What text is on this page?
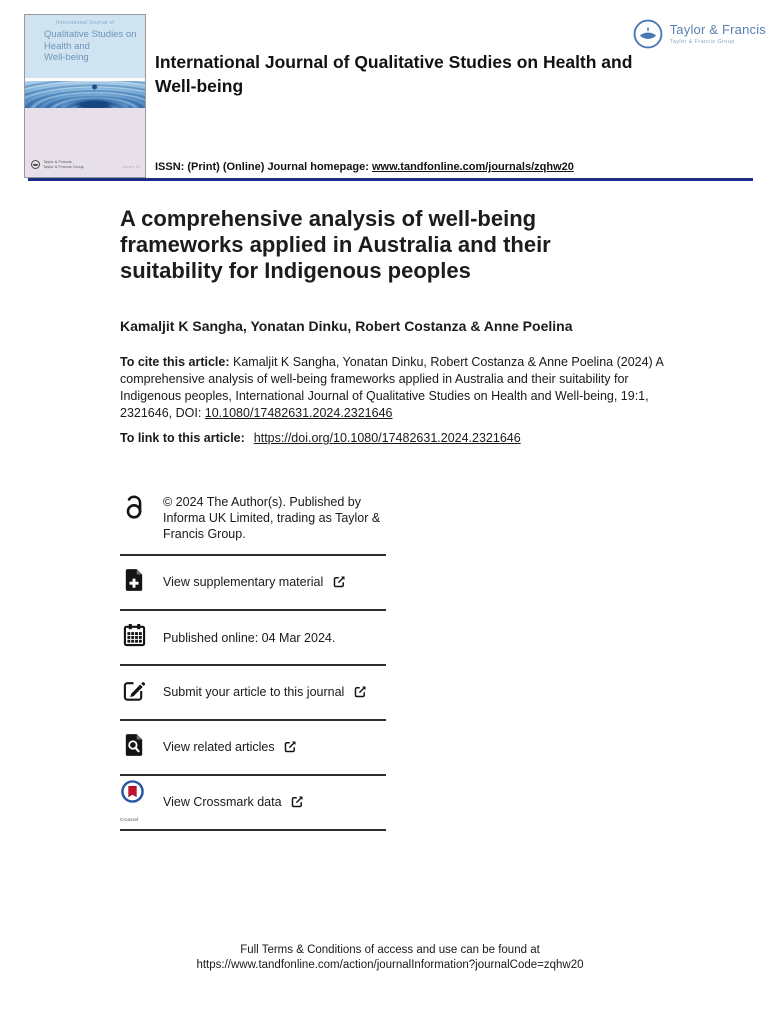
International Journal of
Qualitative Studies on
Health and
Well-being
Taylor & Francis
Taylor & Francis Group	Volume 19
International Journal of Qualitative Studies on Health and Well-being
ISSN: (Print) (Online) Journal homepage: www.tandfonline.com/journals/zqhw20
Taylor & Francis
Taylor & Francis Group
A comprehensive analysis of well-being frameworks applied in Australia and their suitability for Indigenous peoples
Kamaljit K Sangha, Yonatan Dinku, Robert Costanza & Anne Poelina

To cite this article: Kamaljit K Sangha, Yonatan Dinku, Robert Costanza & Anne Poelina (2024) A comprehensive analysis of well-being frameworks applied in Australia and their suitability for Indigenous peoples, International Journal of Qualitative Studies on Health and Well-being, 19:1, 2321646, DOI: 10.1080/17482631.2024.2321646

To link to this article: https://doi.org/10.1080/17482631.2024.2321646
© 2024 The Author(s). Published by Informa UK Limited, trading as Taylor & Francis Group.
View supplementary material
Published online: 04 Mar 2024.
Submit your article to this journal
View related articles
Crossref
View Crossmark data
Full Terms & Conditions of access and use can be found at
https://www.tandfonline.com/action/journalInformation?journalCode=zqhw20
